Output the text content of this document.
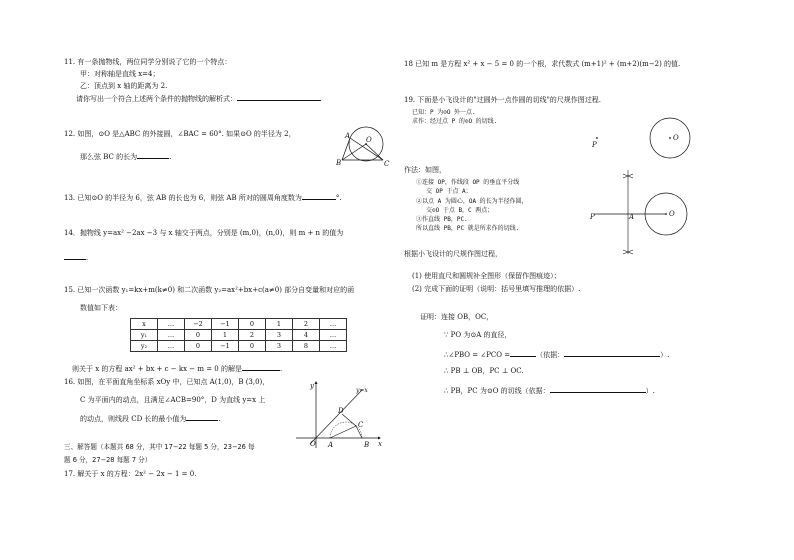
11. 有一条抛物线，两位同学分别说了它的一个特点：
甲：对称轴是直线 x=4；
乙：顶点到 x 轴的距离为 2.
请你写出一个符合上述两个条件的抛物线的解析式：
12. 如图，⊙O 是△ABC 的外接圆，∠BAC = 60°. 如果⊙O 的半径为 2，
那么弦 BC 的长为	.
A
B	C
O
13. 已知⊙O 的半径为 6，弦 AB 的长也为 6，则弦 AB 所对的圆周角度数为	°.
14．抛物线 y=ax² −2ax −3 与 x 轴交于两点，分别是 (m,0)，(n,0)，则 m + n 的值为
.
15. 已知一次函数 y₁=kx+m(k≠0) 和二次函数 y₂=ax²+bx+c(a≠0) 部分自变量和对应的函
数值如下表：
x	…	−2	−1	0	1	2	…
y₁	…	0	1	2	3	4	…
y₂	…	0	−1	0	3	8	…
则关于 x 的方程 ax² + bx + c − kx − m = 0 的解是	.
16. 如图，在平面直角坐标系 xOy 中，已知点 A(1,0)，B (3,0)，
C 为平面内的动点，且满足∠ACB=90°，D 为直线 y=x 上
的动点，则线段 CD 长的最小值为	.
y
x
O A	B
C
D
y=x
三、解答题（本题共 68 分，其中 17−22 每题 5 分，23−26 每
题 6 分，27−28 每题 7 分）
17. 解关于 x 的方程：2x² − 2x − 1 = 0.
18 已知 m 是方程 x² + x − 5 = 0 的一个根，求代数式 (m+1)² + (m+2)(m−2) 的值.
19. 下面是小飞设计的"过圆外一点作圆的切线"的尺规作图过程.
已知：P 为⊙O 外一点.
求作：经过点 P 的⊙O 的切线.
P
O
作法：如图，
①连接 OP，作线段 OP 的垂直平分线
交 OP 于点 A；
②以点 A 为圆心，OA 的长为半径作圆，
交⊙O 于点 B，C 两点；
③作直线 PB，PC.
所以直线 PB，PC 就是所求作的切线.
根据小飞设计的尺规作图过程，
P	A	O
(1) 使用直尺和圆规补全图形（保留作图痕迹）；
(2) 完成下面的证明（说明：括号里填写推理的依据）.
证明：连接 OB，OC，
∵ PO 为⊙A 的直径，
∴∠PBO = ∠PCO =	（依据：	）.
∴ PB ⊥ OB，PC ⊥ OC.
∴ PB，PC 为⊙O 的切线（依据：	）.
